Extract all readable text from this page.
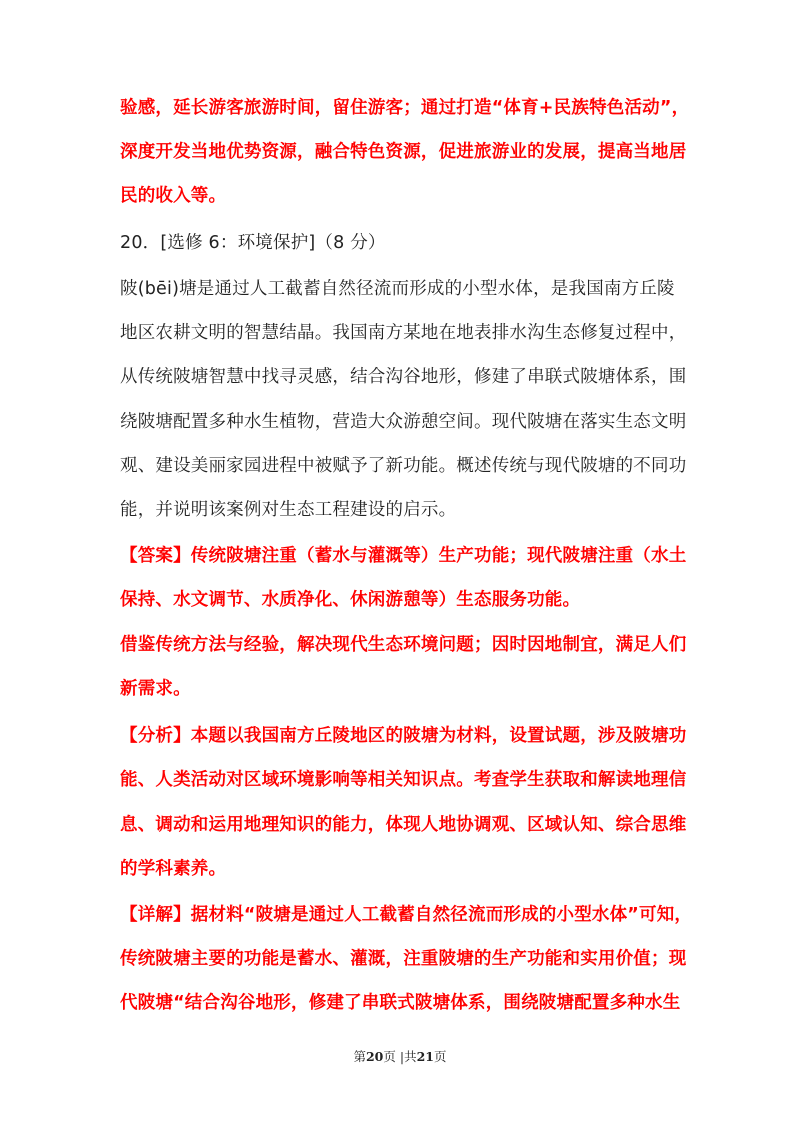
验感，延长游客旅游时间，留住游客；通过打造“体育+民族特色活动”，
深度开发当地优势资源，融合特色资源，促进旅游业的发展，提高当地居
民的收入等。
20．[选修 6：环境保护]（8 分）
陂(bēi)塘是通过人工截蓄自然径流而形成的小型水体，是我国南方丘陵
地区农耕文明的智慧结晶。我国南方某地在地表排水沟生态修复过程中，
从传统陂塘智慧中找寻灵感，结合沟谷地形，修建了串联式陂塘体系，围
绕陂塘配置多种水生植物，营造大众游憩空间。现代陂塘在落实生态文明
观、建设美丽家园进程中被赋予了新功能。概述传统与现代陂塘的不同功
能，并说明该案例对生态工程建设的启示。
【答案】传统陂塘注重（蓄水与灌溉等）生产功能；现代陂塘注重（水土
保持、水文调节、水质净化、休闲游憩等）生态服务功能。
借鉴传统方法与经验，解决现代生态环境问题；因时因地制宜，满足人们
新需求。
【分析】本题以我国南方丘陵地区的陂塘为材料，设置试题，涉及陂塘功
能、人类活动对区域环境影响等相关知识点。考查学生获取和解读地理信
息、调动和运用地理知识的能力，体现人地协调观、区域认知、综合思维
的学科素养。
【详解】据材料“陂塘是通过人工截蓄自然径流而形成的小型水体”可知，
传统陂塘主要的功能是蓄水、灌溉，注重陂塘的生产功能和实用价值；现
代陂塘“结合沟谷地形，修建了串联式陂塘体系，围绕陂塘配置多种水生
第20页 |共21页
